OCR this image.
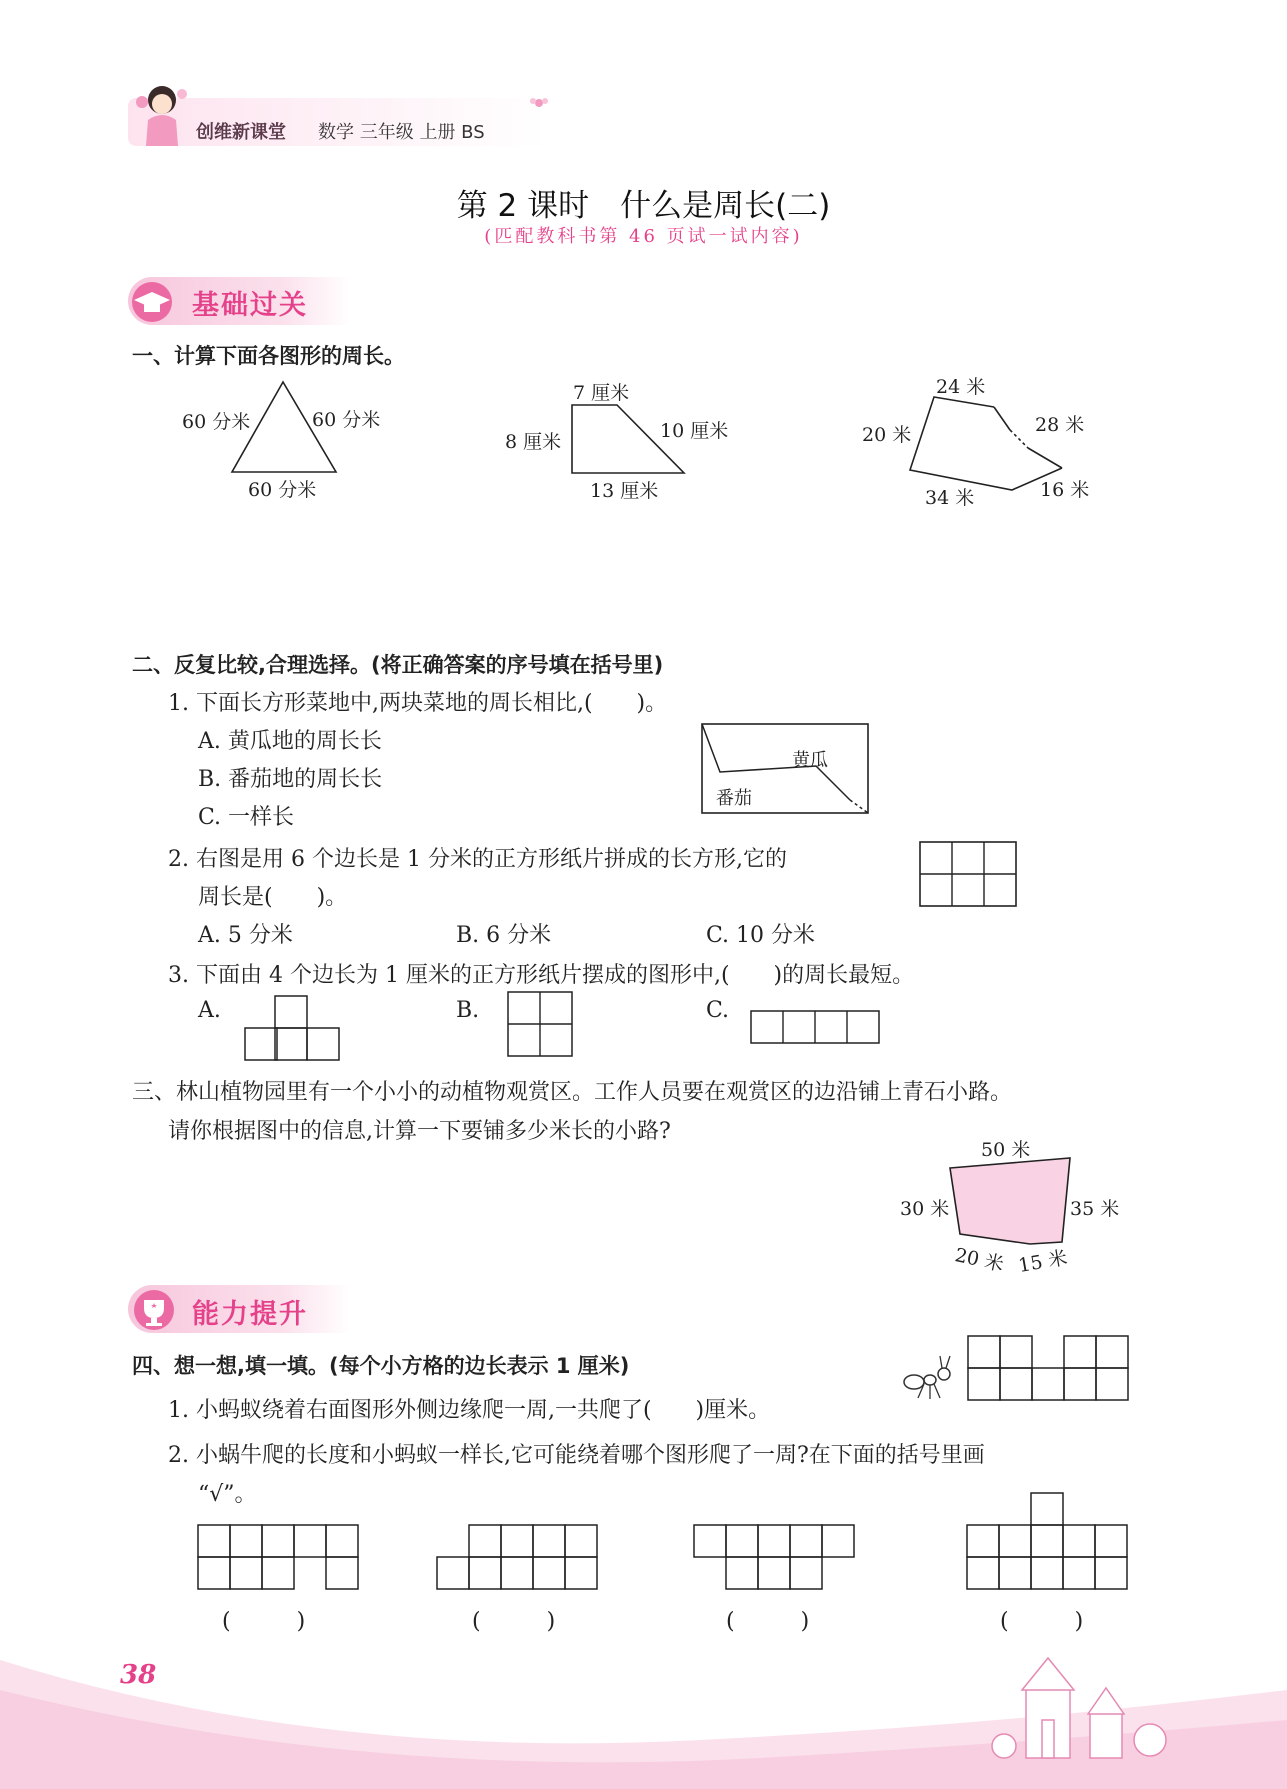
创维新课堂 数学 三年级 上册 BS
第 2 课时　什么是周长(二)
(匹配教科书第 46 页试一试内容)
基础过关
一、计算下面各图形的周长。
60 分米	60 分米
60 分米
7 厘米
8 厘米	10 厘米
13 厘米
24 米
20 米	28 米
16 米
34 米
二、反复比较,合理选择。(将正确答案的序号填在括号里)
1. 下面长方形菜地中,两块菜地的周长相比,(　　)。
A. 黄瓜地的周长长
B. 番茄地的周长长
C. 一样长
黄瓜
番茄
2. 右图是用 6 个边长是 1 分米的正方形纸片拼成的长方形,它的
周长是(　　)。
A. 5 分米	B. 6 分米	C. 10 分米
3. 下面由 4 个边长为 1 厘米的正方形纸片摆成的图形中,(　　)的周长最短。
A.	B.	C.
三、林山植物园里有一个小小的动植物观赏区。工作人员要在观赏区的边沿铺上青石小路。
请你根据图中的信息,计算一下要铺多少米长的小路?
50 米
30 米	35 米
20 米 15 米
能力提升
四、想一想,填一填。(每个小方格的边长表示 1 厘米)
1. 小蚂蚁绕着右面图形外侧边缘爬一周,一共爬了(　　)厘米。
2. 小蜗牛爬的长度和小蚂蚁一样长,它可能绕着哪个图形爬了一周?在下面的括号里画
“√”。
(　　　)	(　　　)	(　　　)	(　　　)
38
